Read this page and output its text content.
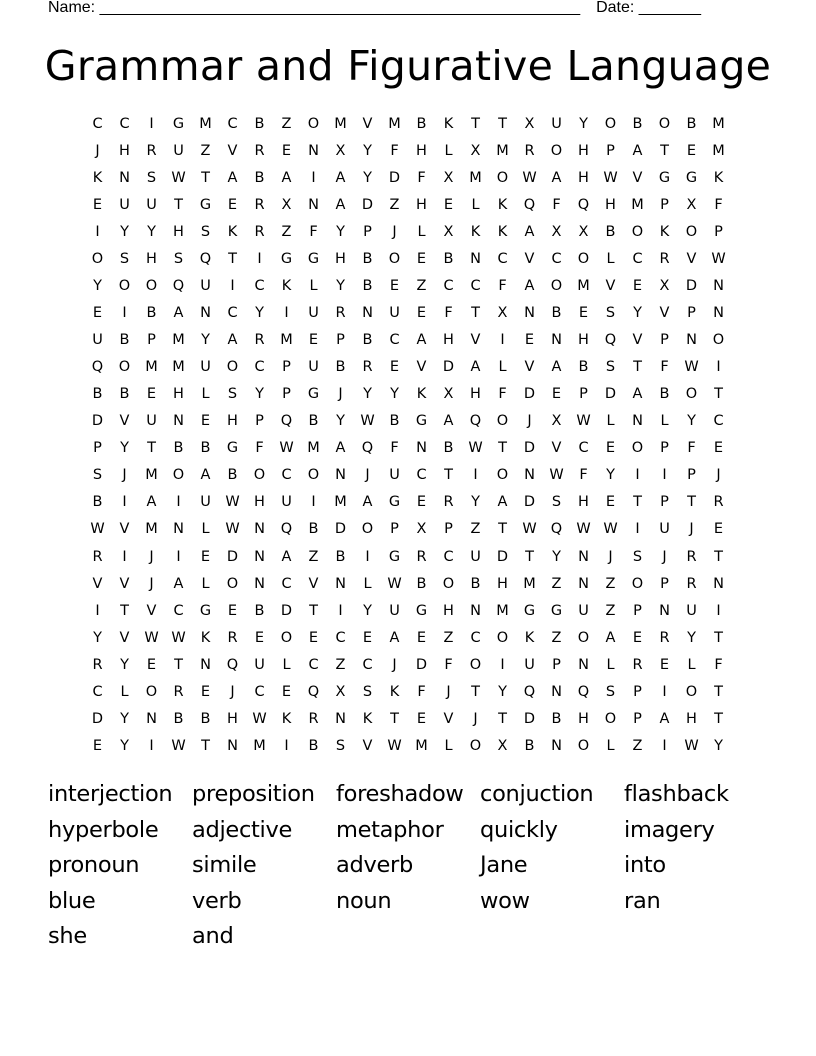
Name: ______________________________________________________ Date: _______
Grammar and Figurative Language
C	C	I	G	M	C	B	Z	O	M	V	M	B	K	T	T	X	U	Y	O	B	O	B	M
J	H	R	U	Z	V	R	E	N	X	Y	F	H	L	X	M	R	O	H	P	A	T	E	M
K	N	S	W	T	A	B	A	I	A	Y	D	F	X	M	O W	A	H W	V	G	G	K
E	U	U	T	G	E	R	X	N	A	D	Z	H	E	L	K	Q	F	Q	H	M	P	X	F
I	Y	Y	H	S	K	R	Z	F	Y	P	J	L	X	K	K	A	X	X	B	O	K	O	P
O	S	H	S	Q	T	I	G	G	H	B	O	E	B	N	C	V	C	O	L	C	R	V	W
Y	O	O	Q	U	I	C	K	L	Y	B	E	Z	C	C	F	A	O	M	V	E	X	D	N
E	I	B	A	N	C	Y	I	U	R	N	U	E	F	T	X	N	B	E	S	Y	V	P	N
U	B	P	M	Y	A	R	M	E	P	B	C	A	H	V	I	E	N	H	Q	V	P	N	O
Q	O	M M	U	O	C	P	U	B	R	E	V	D	A	L	V	A	B	S	T	F	W	I
B	B	E	H	L	S	Y	P	G	J	Y	Y	K	X	H	F	D	E	P	D	A	B	O	T
D	V	U	N	E	H	P	Q	B	Y	W	B	G	A	Q	O	J	X	W	L	N	L	Y	C
P	Y	T	B	B	G	F	W M	A	Q	F	N	B	W	T	D	V	C	E	O	P	F	E
S	J	M	O	A	B	O	C	O	N	J	U	C	T	I	O	N W	F	Y	I	I	P	J
B	I	A	I	U	W H	U	I	M	A	G	E	R	Y	A	D	S	H	E	T	P	T	R
W	V	M	N	L	W N	Q	B	D	O	P	X	P	Z	T	W Q W W	I	U	J	E
R	I	J	I	E	D	N	A	Z	B	I	G	R	C	U	D	T	Y	N	J	S	J	R	T
V	V	J	A	L	O	N	C	V	N	L	W	B	O	B	H	M	Z	N	Z	O	P	R	N
I	T	V	C	G	E	B	D	T	I	Y	U	G	H	N	M	G	G	U	Z	P	N	U	I
Y	V	W W	K	R	E	O	E	C	E	A	E	Z	C	O	K	Z	O	A	E	R	Y	T
R	Y	E	T	N	Q	U	L	C	Z	C	J	D	F	O	I	U	P	N	L	R	E	L	F
C	L	O	R	E	J	C	E	Q	X	S	K	F	J	T	Y	Q	N	Q	S	P	I	O	T
D	Y	N	B	B	H W	K	R	N	K	T	E	V	J	T	D	B	H	O	P	A	H	T
E	Y	I	W	T	N	M	I	B	S	V	W M	L	O	X	B	N	O	L	Z	I	W	Y
interjection preposition foreshadow conjuction	flashback
hyperbole	adjective	metaphor	quickly	imagery
pronoun	simile	adverb	Jane	into
blue	verb	noun	wow	ran
she	and
